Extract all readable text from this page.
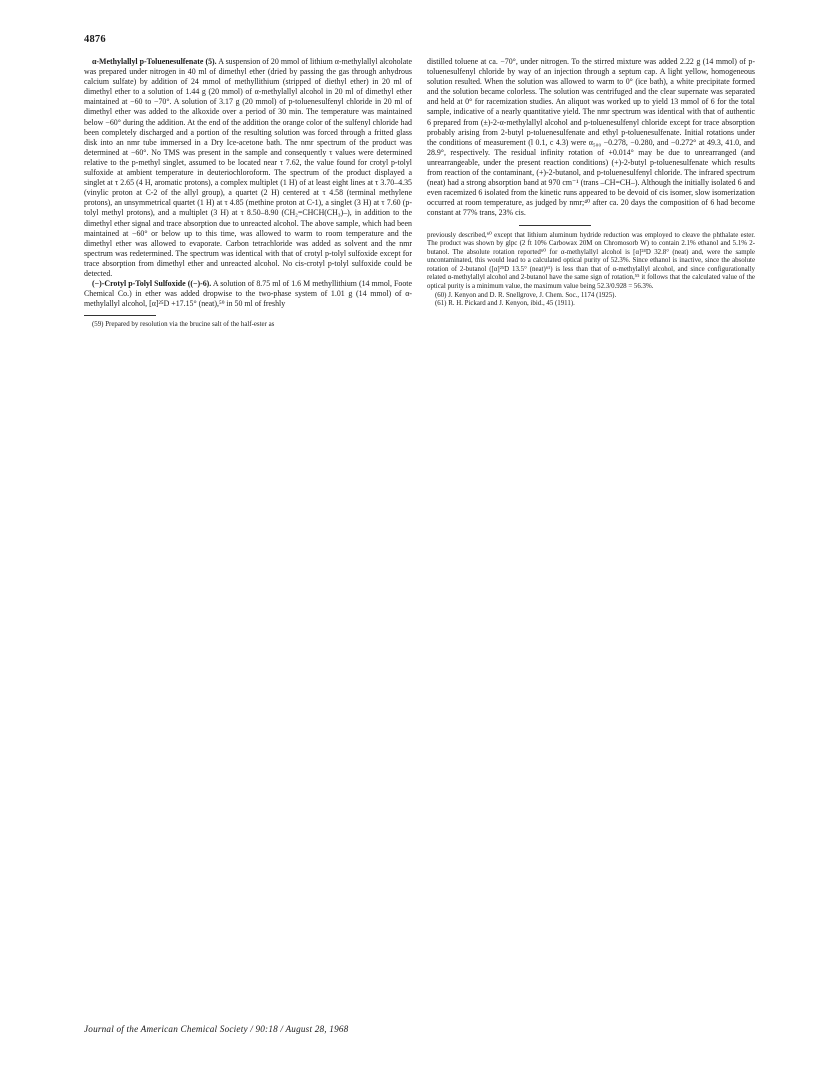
4876

α-Methylallyl p-Toluenesulfenate (5). A suspension of 20 mmol of lithium α-methylallyl alcoholate was prepared under nitrogen in 40 ml of dimethyl ether (dried by passing the gas through anhydrous calcium sulfate) by addition of 24 mmol of methyllithium (stripped of diethyl ether) in 20 ml of dimethyl ether to a solution of 1.44 g (20 mmol) of α-methylallyl alcohol in 20 ml of dimethyl ether maintained at −60 to −70°. A solution of 3.17 g (20 mmol) of p-toluenesulfenyl chloride in 20 ml of dimethyl ether was added to the alkoxide over a period of 30 min. The temperature was maintained below −60° during the addition. At the end of the addition the orange color of the sulfenyl chloride had been completely discharged and a portion of the resulting solution was forced through a fritted glass disk into an nmr tube immersed in a Dry Ice-acetone bath. The nmr spectrum of the product was determined at −60°. No TMS was present in the sample and consequently τ values were determined relative to the p-methyl singlet, assumed to be located near τ 7.62, the value found for crotyl p-tolyl sulfoxide at ambient temperature in deuteriochloroform. The spectrum of the product displayed a singlet at τ 2.65 (4 H, aromatic protons), a complex multiplet (1 H) of at least eight lines at τ 3.70–4.35 (vinylic proton at C-2 of the allyl group), a quartet (2 H) centered at τ 4.58 (terminal methylene protons), an unsymmetrical quartet (1 H) at τ 4.85 (methine proton at C-1), a singlet (3 H) at τ 7.60 (p-tolyl methyl protons), and a multiplet (3 H) at τ 8.50–8.90 (CH₂=CHCH(CH₃)–), in addition to the dimethyl ether signal and trace absorption due to unreacted alcohol. The above sample, which had been maintained at −60° or below up to this time, was allowed to warm to room temperature and the dimethyl ether was allowed to evaporate. Carbon tetrachloride was added as solvent and the nmr spectrum was redetermined. The spectrum was identical with that of crotyl p-tolyl sulfoxide except for trace absorption from dimethyl ether and unreacted alcohol. No cis-crotyl p-tolyl sulfoxide could be detected.

(−)-Crotyl p-Tolyl Sulfoxide ((−)-6). A solution of 8.75 ml of 1.6 M methyllithium (14 mmol, Foote Chemical Co.) in ether was added dropwise to the two-phase system of 1.01 g (14 mmol) of α-methylallyl alcohol, [α]²⁵D +17.15° (neat),⁵⁹ in 50 ml of freshly

(59) Prepared by resolution via the brucine salt of the half-ester as

distilled toluene at ca. −70°, under nitrogen. To the stirred mixture was added 2.22 g (14 mmol) of p-toluenesulfenyl chloride by way of an injection through a septum cap. A light yellow, homogeneous solution resulted. When the solution was allowed to warm to 0° (ice bath), a white precipitate formed and the solution became colorless. The solution was centrifuged and the clear supernate was separated and held at 0° for racemization studies. An aliquot was worked up to yield 13 mmol of 6 for the total sample, indicative of a nearly quantitative yield. The nmr spectrum was identical with that of authentic 6 prepared from (±)-2-α-methylallyl alcohol and p-toluenesulfenyl chloride except for trace absorption probably arising from 2-butyl p-toluenesulfenate and ethyl p-toluenesulfenate. Initial rotations under the conditions of measurement (l 0.1, c 4.3) were α₅₀₀ −0.278, −0.280, and −0.272° at 49.3, 41.0, and 28.9°, respectively. The residual infinity rotation of +0.014° may be due to unrearranged (and unrearrangeable, under the present reaction conditions) (+)-2-butyl p-toluenesulfenate which results from reaction of the contaminant, (+)-2-butanol, and p-toluenesulfenyl chloride. The infrared spectrum (neat) had a strong absorption band at 970 cm⁻¹ (trans –CH=CH–). Although the initially isolated 6 and even racemized 6 isolated from the kinetic runs appeared to be devoid of cis isomer, slow isomerization occurred at room temperature, as judged by nmr;⁴⁰ after ca. 20 days the composition of 6 had become constant at 77% trans, 23% cis.

previously described,⁶⁰ except that lithium aluminum hydride reduction was employed to cleave the phthalate ester. The product was shown by glpc (2 ft 10% Carbowax 20M on Chromosorb W) to contain 2.1% ethanol and 5.1% 2-butanol. The absolute rotation reported⁶⁰ for α-methylallyl alcohol is [α]²⁴D 32.8° (neat) and, were the sample uncontaminated, this would lead to a calculated optical purity of 52.3%. Since ethanol is inactive, since the absolute rotation of 2-butanol ([α]²⁵D 13.5° (neat)⁶¹) is less than that of α-methylallyl alcohol, and since configurationally related α-methylallyl alcohol and 2-butanol have the same sign of rotation,⁵⁵ it follows that the calculated value of the optical purity is a minimum value, the maximum value being 52.3/0.928 = 56.3%.

(60) J. Kenyon and D. R. Snellgrove, J. Chem. Soc., 1174 (1925).

(61) R. H. Pickard and J. Kenyon, ibid., 45 (1911).

Journal of the American Chemical Society / 90:18 / August 28, 1968
